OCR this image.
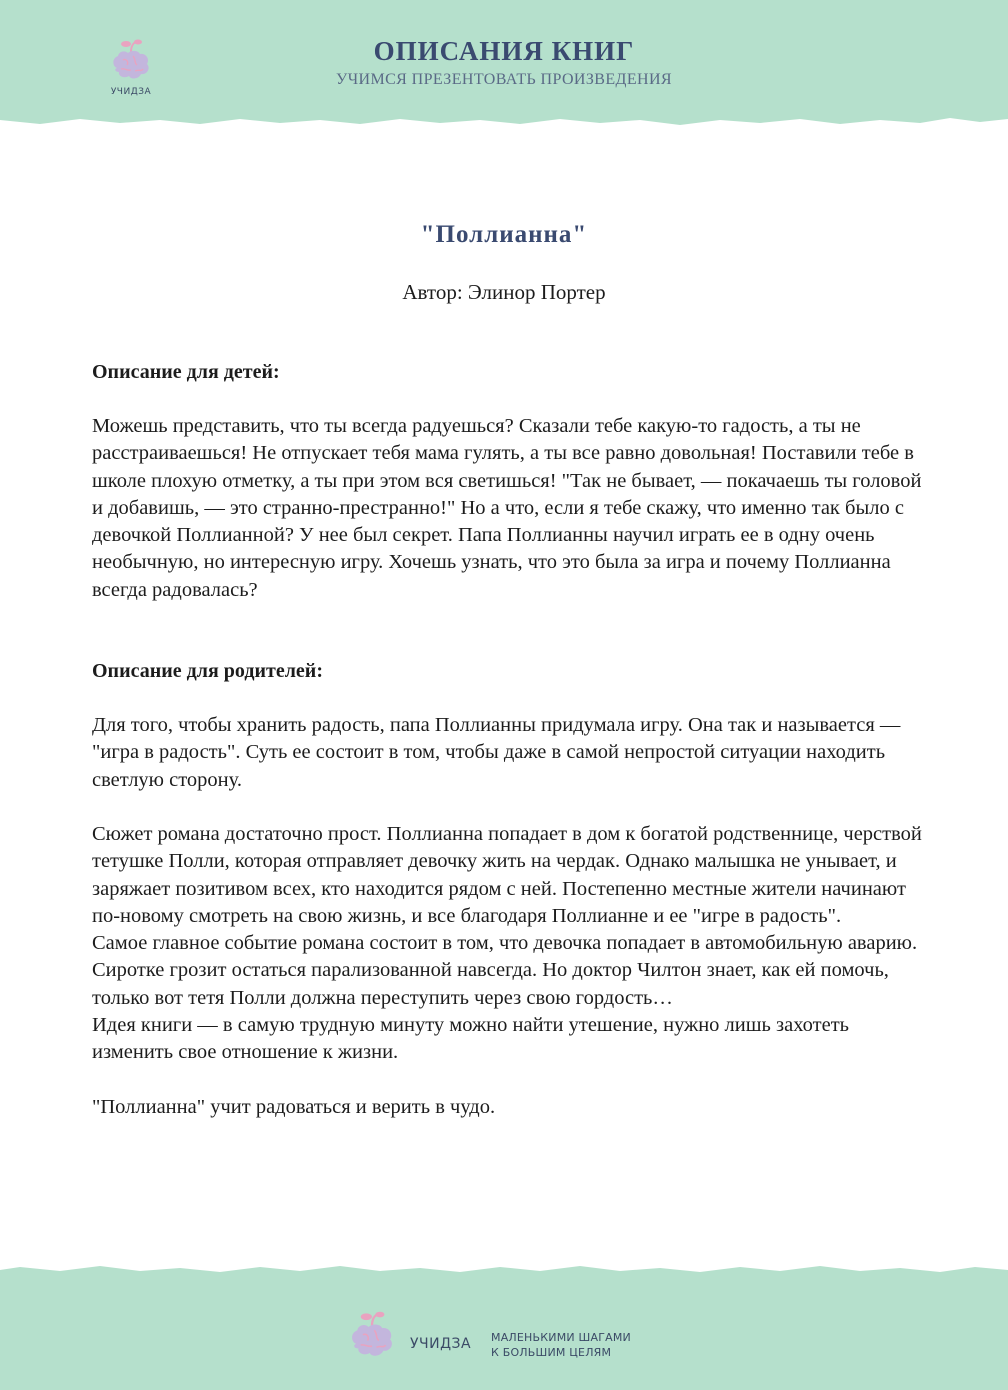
УЧИДЗА
ОПИСАНИЯ КНИГ
УЧИМСЯ ПРЕЗЕНТОВАТЬ ПРОИЗВЕДЕНИЯ
"Поллианна"
Автор: Элинор Портер

Описание для детей:

Можешь представить, что ты всегда радуешься? Сказали тебе какую-то гадость, а ты не расстраиваешься! Не отпускает тебя мама гулять, а ты все равно довольная! Поставили тебе в школе плохую отметку, а ты при этом вся светишься! "Так не бывает, — покачаешь ты головой и добавишь, — это странно-престранно!" Но а что, если я тебе скажу, что именно так было с девочкой Поллианной? У нее был секрет. Папа Поллианны научил играть ее в одну очень необычную, но интересную игру. Хочешь узнать, что это была за игра и почему Поллианна всегда радовалась?

Описание для родителей:

Для того, чтобы хранить радость, папа Поллианны придумала игру. Она так и называется — "игра в радость". Суть ее состоит в том, чтобы даже в самой непростой ситуации находить светлую сторону.

Сюжет романа достаточно прост. Поллианна попадает в дом к богатой родственнице, черствой тетушке Полли, которая отправляет девочку жить на чердак. Однако малышка не унывает, и заряжает позитивом всех, кто находится рядом с ней. Постепенно местные жители начинают по-новому смотреть на свою жизнь, и все благодаря Поллианне и ее "игре в радость".

Самое главное событие романа состоит в том, что девочка попадает в автомобильную аварию. Сиротке грозит остаться парализованной навсегда. Но доктор Чилтон знает, как ей помочь, только вот тетя Полли должна переступить через свою гордость…

Идея книги — в самую трудную минуту можно найти утешение, нужно лишь захотеть изменить свое отношение к жизни.

"Поллианна" учит радоваться и верить в чудо.

УЧИДЗА МАЛЕНЬКИМИ ШАГАМИ
К БОЛЬШИМ ЦЕЛЯМ
